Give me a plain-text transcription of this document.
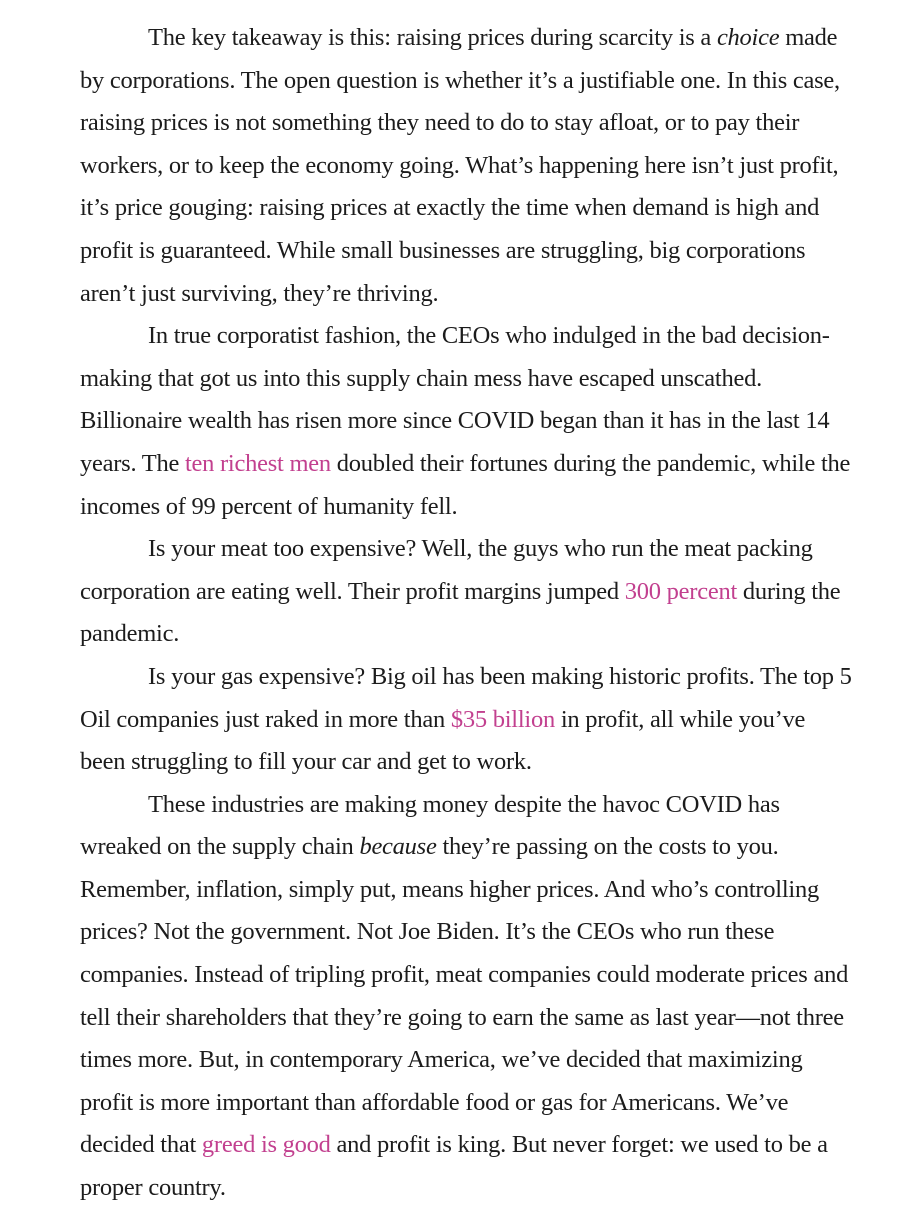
The key takeaway is this: raising prices during scarcity is a choice made by corporations. The open question is whether it’s a justifiable one. In this case, raising prices is not something they need to do to stay afloat, or to pay their workers, or to keep the economy going. What’s happening here isn’t just profit, it’s price gouging: raising prices at exactly the time when demand is high and profit is guaranteed. While small businesses are struggling, big corporations aren’t just surviving, they’re thriving.

In true corporatist fashion, the CEOs who indulged in the bad decision-making that got us into this supply chain mess have escaped unscathed. Billionaire wealth has risen more since COVID began than it has in the last 14 years. The ten richest men doubled their fortunes during the pandemic, while the incomes of 99 percent of humanity fell.

Is your meat too expensive? Well, the guys who run the meat packing corporation are eating well. Their profit margins jumped 300 percent during the pandemic.

Is your gas expensive? Big oil has been making historic profits. The top 5 Oil companies just raked in more than $35 billion in profit, all while you’ve been struggling to fill your car and get to work.

These industries are making money despite the havoc COVID has wreaked on the supply chain because they’re passing on the costs to you. Remember, inflation, simply put, means higher prices. And who’s controlling prices? Not the government. Not Joe Biden. It’s the CEOs who run these companies. Instead of tripling profit, meat companies could moderate prices and tell their shareholders that they’re going to earn the same as last year—not three times more. But, in contemporary America, we’ve decided that maximizing profit is more important than affordable food or gas for Americans. We’ve decided that greed is good and profit is king. But never forget: we used to be a proper country.
